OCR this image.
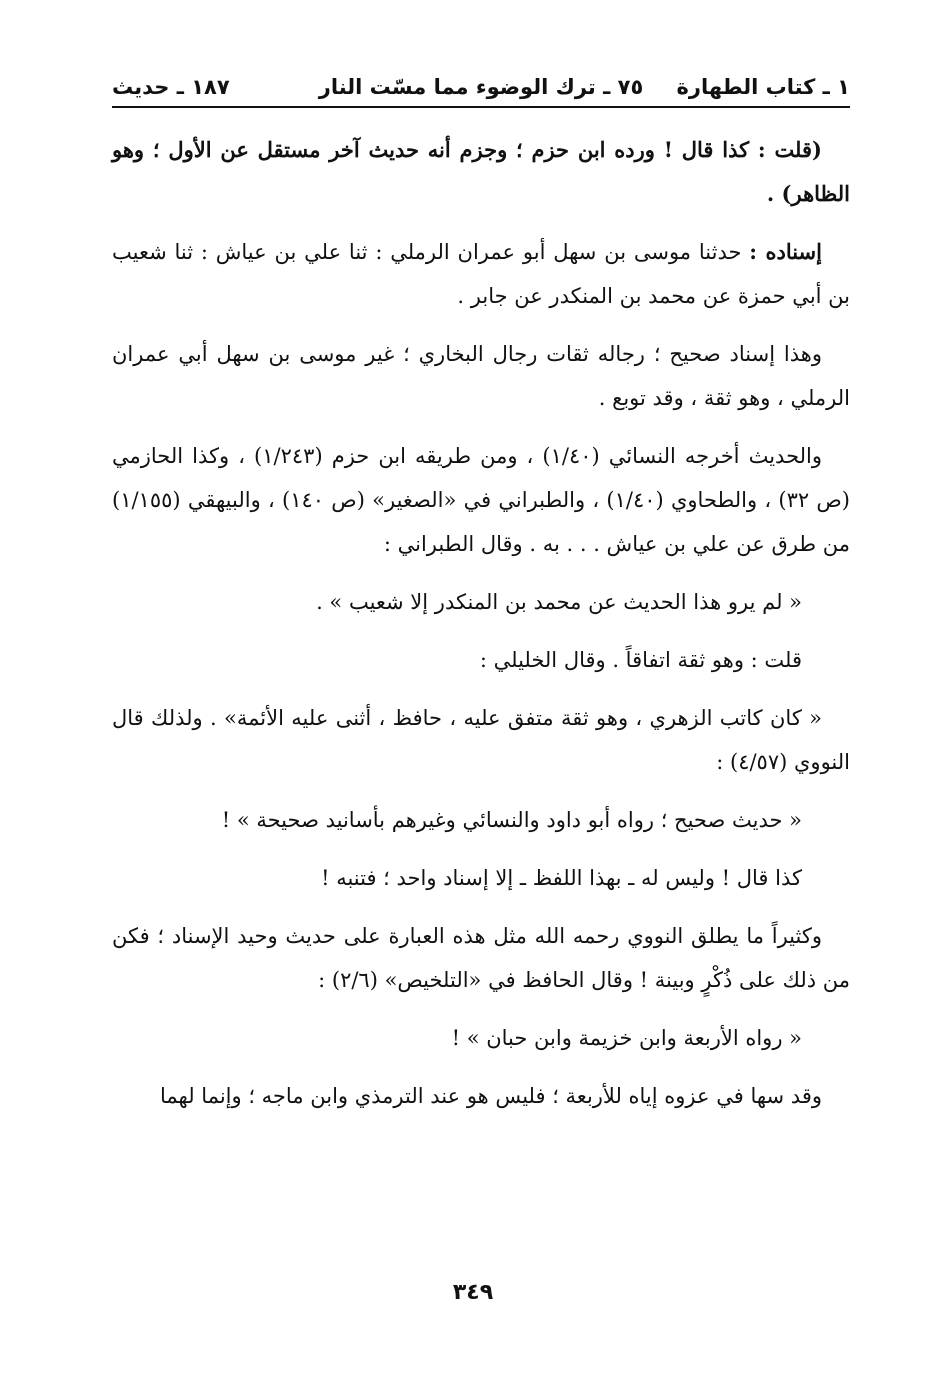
١ ـ كتاب الطهارة
٧٥ ـ ترك الوضوء مما مسّت النار
١٨٧ ـ حديث

(قلت : كذا قال ! ورده ابن حزم ؛ وجزم أنه حديث آخر مستقل عن الأول ؛ وهو الظاهر) .

إسناده : حدثنا موسى بن سهل أبو عمران الرملي : ثنا علي بن عياش : ثنا شعيب بن أبي حمزة عن محمد بن المنكدر عن جابر .

وهذا إسناد صحيح ؛ رجاله ثقات رجال البخاري ؛ غير موسى بن سهل أبي عمران الرملي ، وهو ثقة ، وقد توبع .

والحديث أخرجه النسائي (١/٤٠) ، ومن طريقه ابن حزم (١/٢٤٣) ، وكذا الحازمي (ص ٣٢) ، والطحاوي (١/٤٠) ، والطبراني في «الصغير» (ص ١٤٠) ، والبيهقي (١/١٥٥) من طرق عن علي بن عياش . . . به . وقال الطبراني :

« لم يرو هذا الحديث عن محمد بن المنكدر إلا شعيب » .

قلت : وهو ثقة اتفاقاً . وقال الخليلي :

« كان كاتب الزهري ، وهو ثقة متفق عليه ، حافظ ، أثنى عليه الأئمة» . ولذلك قال النووي (٤/٥٧) :

« حديث صحيح ؛ رواه أبو داود والنسائي وغيرهم بأسانيد صحيحة » !

كذا قال ! وليس له ـ بهذا اللفظ ـ إلا إسناد واحد ؛ فتنبه !

وكثيراً ما يطلق النووي رحمه الله مثل هذه العبارة على حديث وحيد الإسناد ؛ فكن من ذلك على ذُكْرٍ وبينة ! وقال الحافظ في «التلخيص» (٢/٦) :

« رواه الأربعة وابن خزيمة وابن حبان » !

وقد سها في عزوه إياه للأربعة ؛ فليس هو عند الترمذي وابن ماجه ؛ وإنما لهما

٣٤٩
